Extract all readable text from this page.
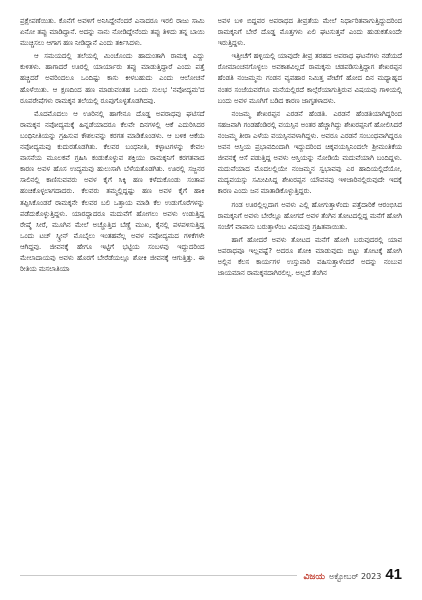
ಪ್ರಕ್ಷೇಪಣೆಯಿತು. ಕೊನೆಗೆ ಅವಳಿಗೆ ಅನಿಸಿದ್ದೇನೆಂದರೆ ಎನಾದರೂ ಇರಲಿ ರಾಜು ಸಾಮಿ ಏನೋ ತಪ್ಪು ಮಾಡಿದ್ದಾನೆ. ಅದನ್ನು ನಾನು ನೋಡಿದ್ದೇನೆಂದು ತಪ್ಪು ತಿಳಿದು ತನ್ನ ಬಾಯಿ ಮುಚ್ಚಿಸಲು ಆಗಾಗ ಹಣ ನೀಡಿದ್ದಾನೆ ಎಂದು ತರ್ಕಿಸಿದಳು.

ಆ ಸಮಯದಲ್ಲಿ ತಲೆಯಲ್ಲಿ ಮಿಂಚೊಂದು ಹಾದುಂತಾಗಿ ರಾಮಕ್ಕ ಎದ್ದು ಕುಳಿತಳು. ಹಾಗಾದರೆ ಊರಲ್ಲಿ ಯಾರ್ಯಾರು ತಪ್ಪು ಮಾಡುತ್ತಿದ್ದಾರೆ ಎಂದು ಪತ್ತೆ ಹಚ್ಚಿದರೆ ಅವರಿಂದಲೂ ಒಂದಿಷ್ಟು ಕಾಸು ಕೀಳಬಹುದು ಎಂದು ಆಲೋಚನೆ ಹೊಳೆಯಿತು. ಆ ಕ್ಷಣದಿಂದ ಹಣ ಮಾಡುವಂತಹ ಒಂದು ಸುಲಭ 'ನವೋದ್ಯಮ'ದ ರೂಪರೇಷೆಗಳು ರಾಮಕ್ಕನ ತಲೆಯಲ್ಲಿ ರೂಪುಗೊಳ್ಳತೊಡಗಿದವು.

ಮೊದಮೊದಲು ಆ ಊರಿನಲ್ಲಿ ಹಾಗೇನೂ ದೊಡ್ಡ ಅಪರಾಧವು ಘಟಿಸದೆ ರಾಮಕ್ಕನ ನವೋದ್ಯಮಕ್ಕೆ ಹಿನ್ನಡೆಯಾದರೂ ಕೆಲವೇ ದಿನಗಳಲ್ಲಿ ಆಕೆ ಎದುರಿಸಿದರ ಬಂಧಿನೀತಿಯನ್ನು ಗ್ರಹಿಸುವ ಕೌಶಲವನ್ನು ಕರಗತ ಮಾಡಿಕೊಂಡಳು. ಆ ಬಳಿಕ ಆಕೆಯ ನವೋದ್ಯಮವು ಕುದುರತೊಡಗಿತು. ಕೆಲವರ ಬಂಧನೀತಿ, ಕಳ್ಳಾಟಗಳನ್ನು ಕೇವಲ ವಾಸನೆಯ ಮೂಲಕವೆ ಗ್ರಹಿಸಿ ಕಂಡುಕೊಳ್ಳುವ ಶಕ್ತಿಯು ರಾಮಕ್ಕನಿಗೆ ಕರಗತವಾದ ಕಾರಣ ಅವಳ ಹೊಸ ಉದ್ಯಮವು ಹುಲುಸಾಗಿ ಬೆಳೆಯತೊಡಗಿತು. ಊರಲ್ಲಿ ಸಜ್ಜನರ ಸಾಲಿನಲ್ಲಿ ಕಾಣಿಸುವವರು ಅವಳ ಕೈಗೆ ಸಿಕ್ಕಿ ಹಣ ಕಳೆದುಕೊಂಡು ಸಂತಾಪ ಹಂಚಿಕೊಳ್ಳಲಾಗದಾದರು. ಕೆಲವರು ತಮ್ಮಲ್ಲಿದ್ದಷ್ಟು ಹಣ ಅವಳ ಕೈಗೆ ಹಾಕಿ ತಪ್ಪಿಸಿಕೊಂಡರೆ ರಾಮಕ್ಕನೇ ಕೆಲವರ ಬಲಿ ಒತ್ತಾಯ ಮಾಡಿ ಕೆಲ ಉಡುಗೊರೆಗಳನ್ನು ಪಡೆದುಕೊಳ್ಳುತ್ತಿದ್ದಳು. ಯಾರದ್ದಾದರೂ ಮದುವೆಗೆ ಹೋಗಲು ಅವಳು ಉಡುತ್ತಿದ್ದ ರೇಷ್ಮೆ ಸೀರೆ, ಮೂಗಿನ ಮೇಲೆ ಅಚ್ಚೊತ್ತಿದ ಬೆಣ್ಣೆ ಮುಖ, ಕೈನಲ್ಲಿ ಪಳಪಳಿಸುತ್ತಿದ್ದ ಒಂದು ಟಚ್ ಸ್ಕ್ರೀನ್ ಮೊಬೈಲು ಇಂತಹವೆಲ್ಲ ಅವಳ ನವೋದ್ಯಮದ ಗಳಿಕೆಗಳೇ ಆಗಿದ್ದವು. ಜೀವನಕ್ಕೆ ಹೇಗೂ ಇಟ್ಟಿಗೆ ಭಟ್ಟಿಯ ಸಂಬಳವು ಇದ್ದುದರಿಂದ ಮೇಲಾದಾಯವು ಅವಳು ಹೊರಗೆ ಬೇರೆಡೆಯಲ್ಲೂ ಶೋಕಿ ಜೀವನಕ್ಕೆ ಆಗುತ್ತಿತ್ತು. ಈ ರೀತಿಯ ಮಸಲಾತಿಯಾ

ಅವಳ ಬಳಿ ಬಿದ್ದವರ ಅಪರಾಧದ ತೀವ್ರತೆಯ ಮೇಲೆ ನಿರ್ಧಾರಿತವಾಗುತ್ತಿದ್ದುದರಿಂದ ರಾಮಕ್ಕನಿಗೆ ಬೇರೆ ದೊಡ್ಡ ಮೊತ್ತಗಳು ಏಲಿ ಘಟಸುತ್ತವೆ ಎಂದು ಹುಡುಕತೊಂದೇ ಇರುತ್ತಿದ್ದಳು.

ಇತ್ತೀಚೆಗೆ ಹಳ್ಳಿಯಲ್ಲಿ ಯಾವುದೇ ತೀವ್ರ ತರಹದ ಅಪರಾಧ ಘಟನೆಗಳು ನಡೆಯದೆ ರೋಮಾಂಚನಗೊಳ್ಳಲು ಅವಕಾಶವಿಲ್ಲದೆ ರಾಮಕ್ಕನು ಚಡಪಡಿಸುತ್ತಿದ್ದಾಗ ಶೇಖರಪ್ಪನ ಹೆಂಡತಿ ನಂಜಮ್ಮನು ಗಂಡನ ವ್ಯವಹಾರ ನಿಮಿತ್ತ ಪೇಟೆಗೆ ಹೋದ ದಿನ ಮಧ್ಯಾಹ್ನದ ನಂತರ ಸಂಜೆಯವರೆಗೂ ಮನೆಯಲ್ಲಿರದೆ ಕಾಲ್ಗೆರೆಯಾಗುತ್ತಿರುವ ವಿಷಯವು ಗಾಳಿಯಲ್ಲಿ ಬಂದು ಅವಳ ಮೂಗಿಗೆ ಬಡಿದ ಕಾರಣ ಜಾಗೃತಳಾದಳು.

ನಂಜಮ್ಮ ಶೇಖರಪ್ಪನ ಎರಡನೆ ಹೆಂಡತಿ. ಎರಡನೆ ಹೆಂಡತಿಯಾಗಿದ್ದರಿಂದ ಸಹಜವಾಗಿ ಗಂಡಹೆಂಡಿರಲ್ಲಿ ವಯಸ್ಸಿನ ಅಂತರ ಹೆಚ್ಚಾಗಿದ್ದು ಶೇಖರಪ್ಪನಿಗೆ ಹೋಲಿಸಿದರೆ ನಂಜಮ್ಮ ತೀರಾ ಎಳೆಯ ವಯಸ್ಸಿನವಳಾಗಿದ್ದಳು. ಅವರೂ ಎರಡನೆ ಸಂಬಂಧವಾಗಿದ್ದರೂ ಅವನ ಆಸ್ತಿಯ ಪ್ರಭಾವದಿಂದಾಗಿ ಇದ್ದುದರಿಂದ ಚಿಕ್ಕವಯಸ್ಸಿನಿಂದಲೇ ಶ್ರೀಮಂತಿಕೆಯ ಜೀವನಕ್ಕೆ ಆಸೆ ಪಡುತ್ತಿದ್ದ ಅವಳು ಆಸ್ತಿಯನ್ನು ನೋಡಿಯೆ ಮದುವೆಯಾಗಿ ಬಂದಿದ್ದಳು. ಮದುವೆಯಾದ ಮೊದಲಲ್ಲಿಯೇ ನಂಜಮ್ಮನ ಸ್ವಭಾವವು ಎರ ಹಾದಿಯಲ್ಲಿದೆಯೋ, ಮದ್ಯವಯಸ್ಸು ಸಮೀಪಿಸಿದ್ದ ಶೇಖರಪ್ಪನ ಯೌವನವು ಇಳಿಜಾರಿನಲ್ಲಿರುವುದೇ ಇದಕ್ಕೆ ಕಾರಣ ಎಂದು ಜನ ಮಾತಾಡಿಕೊಳ್ಳುತ್ತಿದ್ದರು.

ಗಂಡ ಊರಲ್ಲಿಲ್ಲದಾಗ ಅವಳು ಎಲ್ಲಿ ಹೋಗುತ್ತಾಳೆಂದು ಪತ್ತೆದಾರಿಕೆ ಆರಂಭಿಸಿದ ರಾಮಕ್ಕನಿಗೆ ಅವಳು ಬೇರೆಲ್ಲೂ ಹೋಗದೆ ಅವಳ ತೆಂಗಿನ ತೋಟದಲ್ಲಿದ್ದ ಮನೆಗೆ ಹೋಗಿ ಸಂಜೆಗೆ ವಾಪಾಸು ಬರುತ್ತಾಳೆಂಬ ವಿಷಯವು ಗ್ರಹಿತವಾಯಿತು.

ಹಾಗೆ ಹೋದರೆ ಅವಳು ತೋಟದ ಮನೆಗೆ ಹೋಗಿ ಬರುವುದರಲ್ಲಿ ಯಾವ ಅಪರಾಧವೂ ಇಲ್ಲವಷ್ಟೆ? ಅದರೂ ಶೋಕಿ ಮಾಡುವುದು ಬಿಟ್ಟು ತೋಟಕ್ಕೆ ಹೋಗಿ ಅಲ್ಲಿನ ಕೆಲಸ ಕಾರ್ಯಗಳ ಉಸ್ತುವಾರಿ ವಹಿಸುತ್ತಾಳೆಂದರೆ ಅದನ್ನು ನಂಬುವ ಜಾಯಮಾನ ರಾಮಕ್ಕನದಾಗಿರಲಿಲ್ಲ. ಅಲ್ಲದೆ ತೆಂಗಿನ

ವಿಜಯ ಅಕ್ಟೋಬರ್ 2023 41
